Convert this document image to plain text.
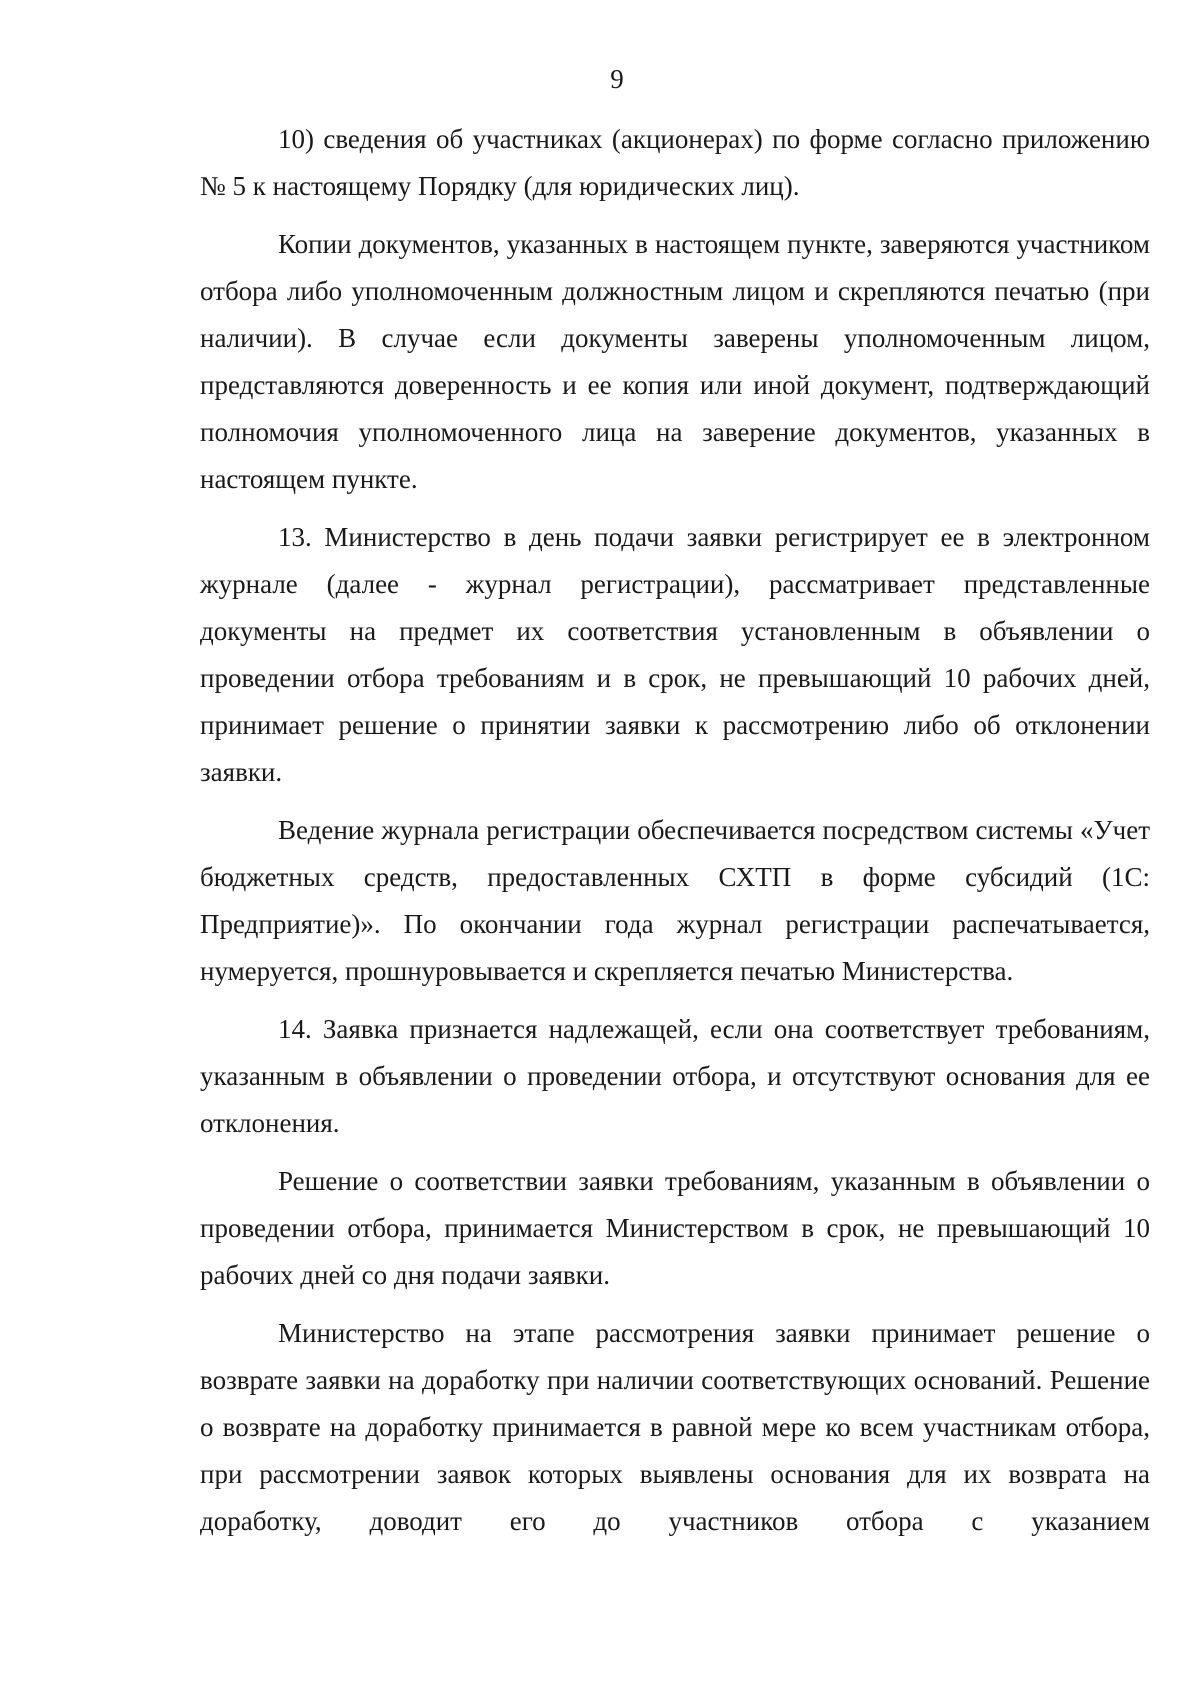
9

10) сведения об участниках (акционерах) по форме согласно приложению № 5 к настоящему Порядку (для юридических лиц).

Копии документов, указанных в настоящем пункте, заверяются участником отбора либо уполномоченным должностным лицом и скрепляются печатью (при наличии). В случае если документы заверены уполномоченным лицом, представляются доверенность и ее копия или иной документ, подтверждающий полномочия уполномоченного лица на заверение документов, указанных в настоящем пункте.

13. Министерство в день подачи заявки регистрирует ее в электронном журнале (далее - журнал регистрации), рассматривает представленные документы на предмет их соответствия установленным в объявлении о проведении отбора требованиям и в срок, не превышающий 10 рабочих дней, принимает решение о принятии заявки к рассмотрению либо об отклонении заявки.

Ведение журнала регистрации обеспечивается посредством системы «Учет бюджетных средств, предоставленных СХТП в форме субсидий (1С: Предприятие)». По окончании года журнал регистрации распечатывается, нумеруется, прошнуровывается и скрепляется печатью Министерства.

14. Заявка признается надлежащей, если она соответствует требованиям, указанным в объявлении о проведении отбора, и отсутствуют основания для ее отклонения.

Решение о соответствии заявки требованиям, указанным в объявлении о проведении отбора, принимается Министерством в срок, не превышающий 10 рабочих дней со дня подачи заявки.

Министерство на этапе рассмотрения заявки принимает решение о возврате заявки на доработку при наличии соответствующих оснований. Решение о возврате на доработку принимается в равной мере ко всем участникам отбора, при рассмотрении заявок которых выявлены основания для их возврата на доработку, доводит его до участников отбора с указанием
